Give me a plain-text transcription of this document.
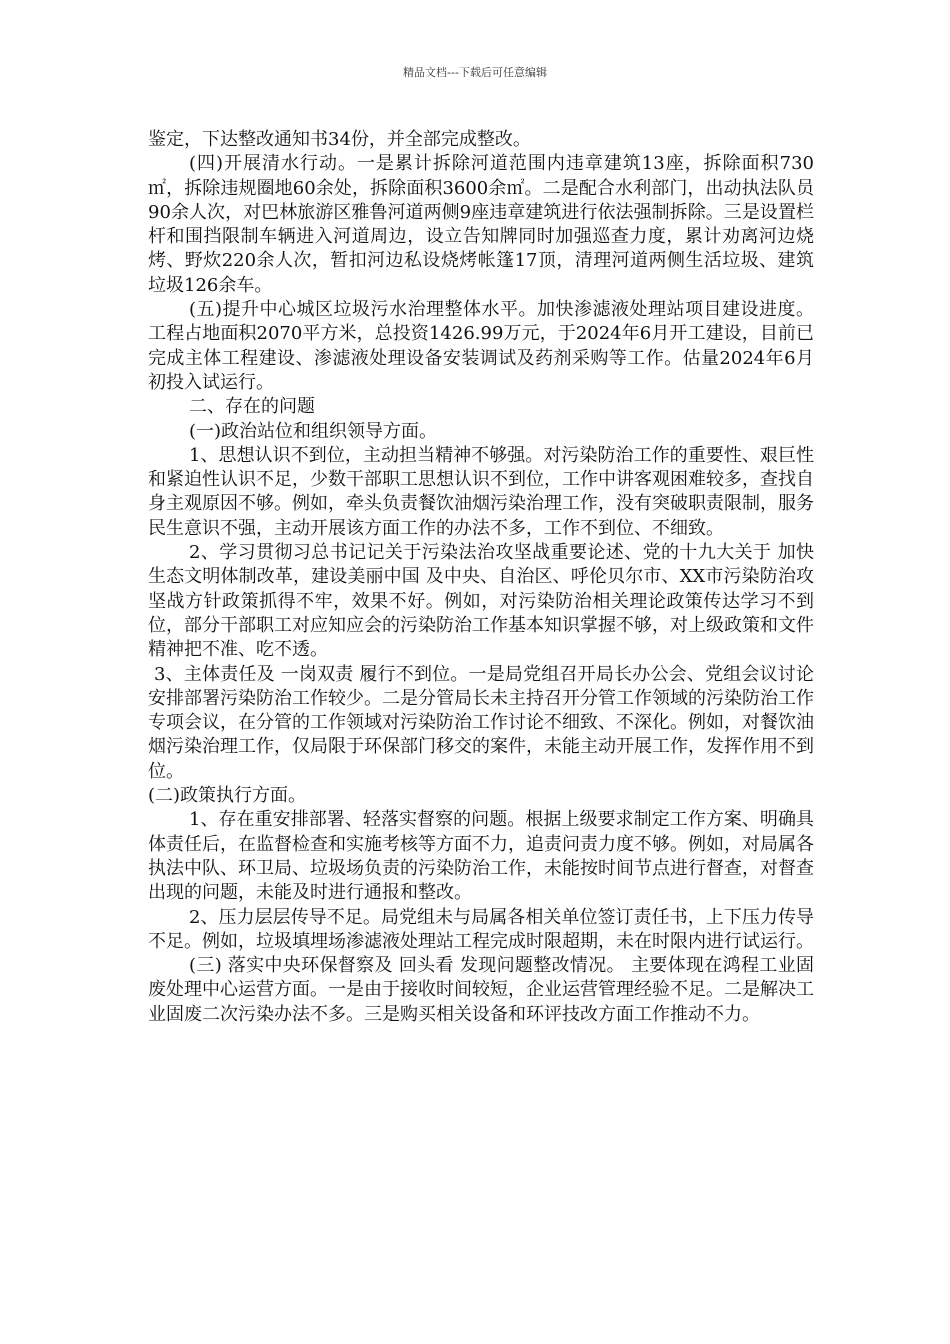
精品文档---下载后可任意编辑

鉴定，下达整改通知书34份，并全部完成整改。

(四)开展清水行动。一是累计拆除河道范围内违章建筑13座，拆除面积730㎡，拆除违规圈地60余处，拆除面积3600余㎡。二是配合水利部门，出动执法队员90余人次，对巴林旅游区雅鲁河道两侧9座违章建筑进行依法强制拆除。三是设置栏杆和围挡限制车辆进入河道周边，设立告知牌同时加强巡查力度，累计劝离河边烧烤、野炊220余人次，暂扣河边私设烧烤帐篷17顶，清理河道两侧生活垃圾、建筑垃圾126余车。

(五)提升中心城区垃圾污水治理整体水平。加快渗滤液处理站项目建设进度。工程占地面积2070平方米，总投资1426.99万元，于2024年6月开工建设，目前已完成主体工程建设、渗滤液处理设备安装调试及药剂采购等工作。估量2024年6月初投入试运行。

二、存在的问题

(一)政治站位和组织领导方面。

1、思想认识不到位，主动担当精神不够强。对污染防治工作的重要性、艰巨性和紧迫性认识不足，少数干部职工思想认识不到位，工作中讲客观困难较多，查找自身主观原因不够。例如，牵头负责餐饮油烟污染治理工作，没有突破职责限制，服务民生意识不强，主动开展该方面工作的办法不多，工作不到位、不细致。

2、学习贯彻习总书记记关于污染法治攻坚战重要论述、党的十九大关于 加快生态文明体制改革，建设美丽中国 及中央、自治区、呼伦贝尔市、XX市污染防治攻坚战方针政策抓得不牢，效果不好。例如，对污染防治相关理论政策传达学习不到位，部分干部职工对应知应会的污染防治工作基本知识掌握不够，对上级政策和文件精神把不准、吃不透。

3、主体责任及 一岗双责 履行不到位。一是局党组召开局长办公会、党组会议讨论安排部署污染防治工作较少。二是分管局长未主持召开分管工作领域的污染防治工作专项会议，在分管的工作领域对污染防治工作讨论不细致、不深化。例如，对餐饮油烟污染治理工作，仅局限于环保部门移交的案件，未能主动开展工作，发挥作用不到位。

(二)政策执行方面。

1、存在重安排部署、轻落实督察的问题。根据上级要求制定工作方案、明确具体责任后，在监督检查和实施考核等方面不力，追责问责力度不够。例如，对局属各执法中队、环卫局、垃圾场负责的污染防治工作，未能按时间节点进行督查，对督查出现的问题，未能及时进行通报和整改。

2、压力层层传导不足。局党组未与局属各相关单位签订责任书，上下压力传导不足。例如，垃圾填埋场渗滤液处理站工程完成时限超期，未在时限内进行试运行。

(三) 落实中央环保督察及 回头看 发现问题整改情况。 主要体现在鸿程工业固废处理中心运营方面。一是由于接收时间较短，企业运营管理经验不足。二是解决工业固废二次污染办法不多。三是购买相关设备和环评技改方面工作推动不力。
